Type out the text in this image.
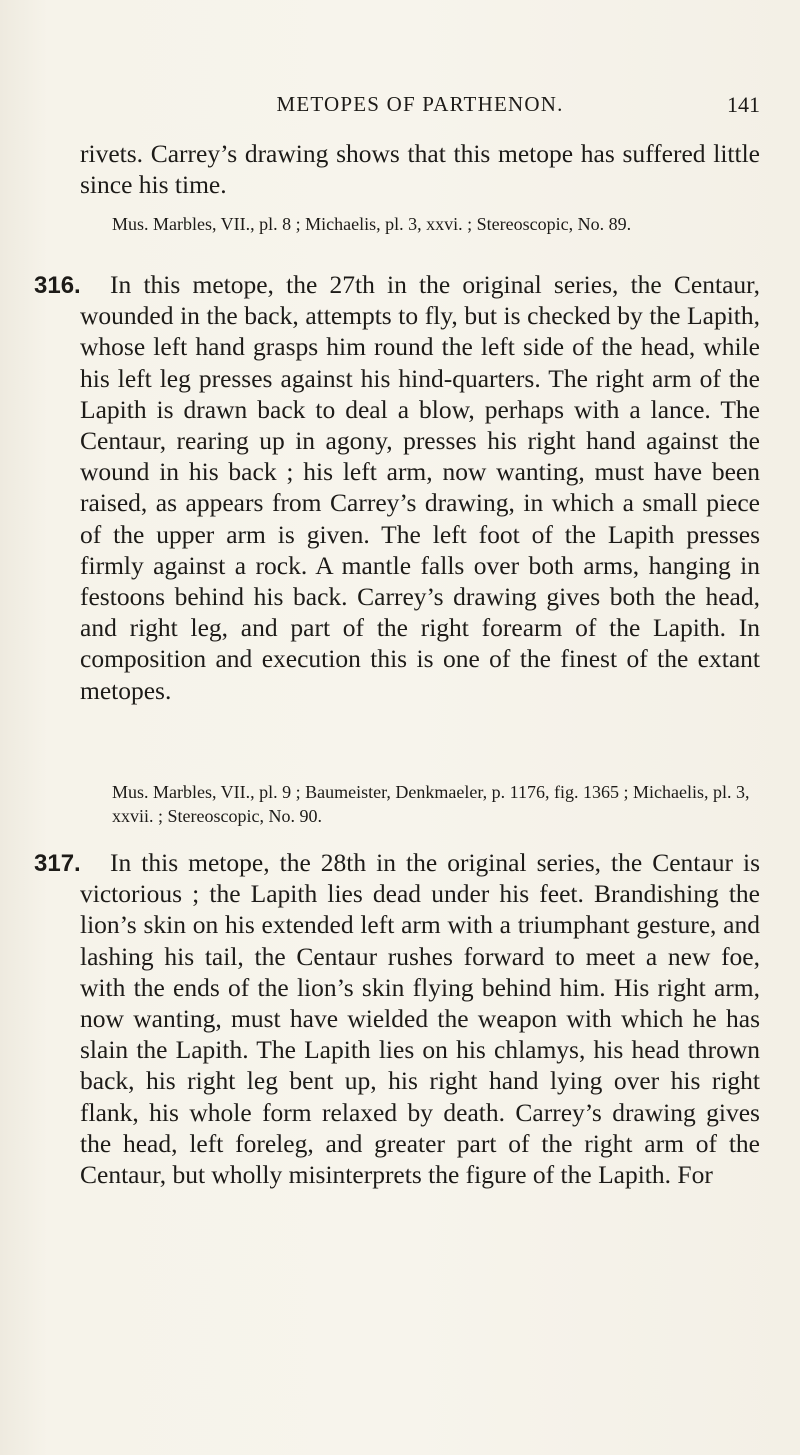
METOPES OF PARTHENON.	141

rivets. Carrey’s drawing shows that this metope has suffered little since his time.

Mus. Marbles, VII., pl. 8 ; Michaelis, pl. 3, xxvi. ; Stereoscopic, No. 89.

316.	In this metope, the 27th in the original series, the Centaur, wounded in the back, attempts to fly, but is checked by the Lapith, whose left hand grasps him round the left side of the head, while his left leg presses against his hind-quarters. The right arm of the Lapith is drawn back to deal a blow, perhaps with a lance. The Centaur, rearing up in agony, presses his right hand against the wound in his back ; his left arm, now wanting, must have been raised, as appears from Carrey’s drawing, in which a small piece of the upper arm is given. The left foot of the Lapith presses firmly against a rock. A mantle falls over both arms, hanging in festoons behind his back. Carrey’s drawing gives both the head, and right leg, and part of the right forearm of the Lapith. In composition and execution this is one of the finest of the extant metopes.

Mus. Marbles, VII., pl. 9 ; Baumeister, Denkmaeler, p. 1176, fig. 1365 ; Michaelis, pl. 3, xxvii. ; Stereoscopic, No. 90.

317.	In this metope, the 28th in the original series, the Centaur is victorious ; the Lapith lies dead under his feet. Brandishing the lion’s skin on his extended left arm with a triumphant gesture, and lashing his tail, the Centaur rushes forward to meet a new foe, with the ends of the lion’s skin flying behind him. His right arm, now wanting, must have wielded the weapon with which he has slain the Lapith. The Lapith lies on his chlamys, his head thrown back, his right leg bent up, his right hand lying over his right flank, his whole form relaxed by death. Carrey’s drawing gives the head, left foreleg, and greater part of the right arm of the Centaur, but wholly misinterprets the figure of the Lapith. For
